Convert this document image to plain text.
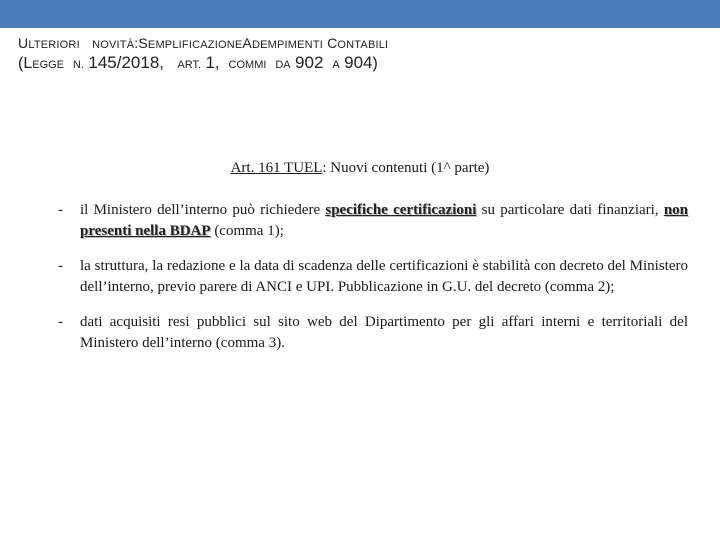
ULTERIORI NOVITÀ:SEMPLIFICAZIONEADEMPIMENTI CONTABILI
(LEGGE N. 145/2018, ART. 1, COMMI DA 902 A 904)
Art. 161 TUEL: Nuovi contenuti (1^ parte)
-	il Ministero dell’interno può richiedere specifiche certificazioni su particolare dati finanziari, non presenti nella BDAP (comma 1);
-	la struttura, la redazione e la data di scadenza delle certificazioni è stabilità con decreto del Ministero dell’interno, previo parere di ANCI e UPI. Pubblicazione in G.U. del decreto (comma 2);
-	dati acquisiti resi pubblici sul sito web del Dipartimento per gli affari interni e territoriali del Ministero dell’interno (comma 3).
